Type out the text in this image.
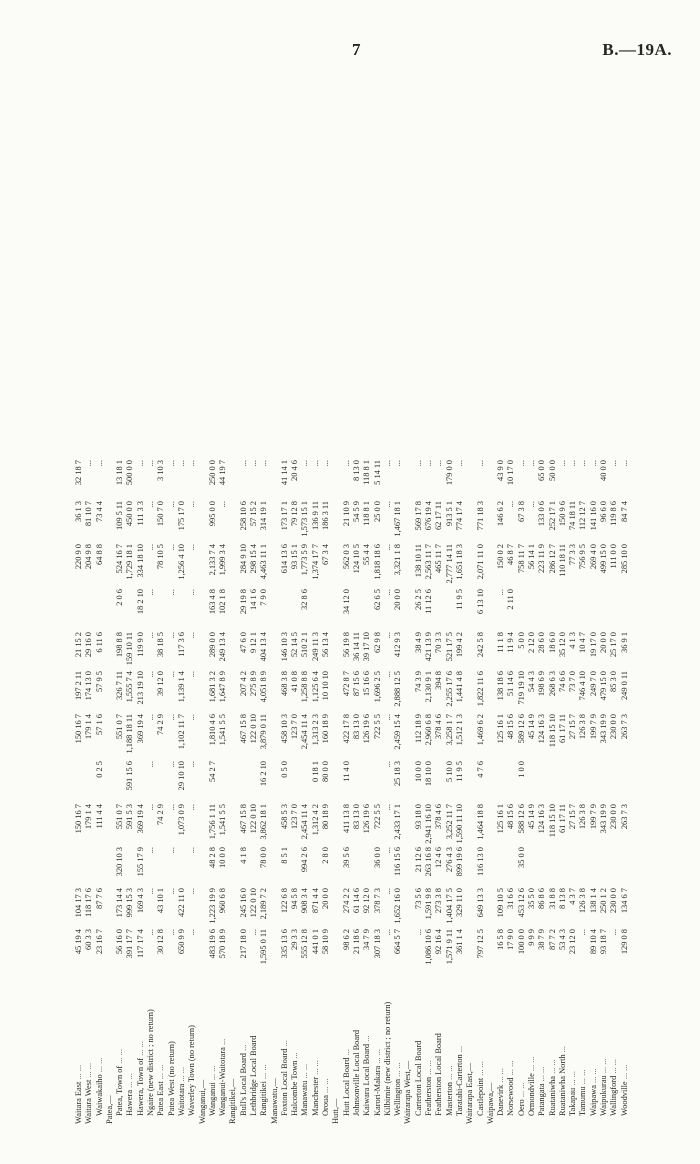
7	B.—19A.
Waitara East ... ...	45 19 4	104 17 3		150 16 7		150 16 7	197 2 11	21 15 2		220 9 0	36 1 3	32 18 7	
Waitara West ... ...	60 3 3	118 17 6		179 1 4		179 1 4	174 13 0	29 16 0		204 9 8	81 10 7	...	
Waiwakaiho ... ...	23 16 7	87 7 6		111 4 4	0 2 5	57 1 6	57 9 5	6 11 6		64 8 8	73 4 4	...	
Patea,—													
Patea, Town of ... ...	56 16 0	173 14 4	320 10 3	551 0 7		551 0 7	326 7 11	198 8 8	2 0 6	524 16 7	109 5 11	13 18 1	
Hawera ... ...	391 17 7	999 15 3		591 5 3	591 15 6	1,188 18 11	1,555 7 4	159 10 11		1,729 18 1	450 0 0	500 0 0	
Hawera, Town of ... ...	117 17 4	169 4 3	155 17 9	369 19 4		369 19 4	213 19 10	119 9 0	18 2 10	334 18 10	111 3 3	...	
Ngaire (new district ; no return)	...	...	...	...	...	...	...	...	...	...	...	...	
Patea East ... ...	30 12 8	43 10 1		74 2 9		74 2 9	39 12 0	38 18 5		78 10 5	150 7 0	3 10 3	
Patea West (no return)	...	...	...	...	...	...	...	...	...	...	...	...	
Waitotara ... ...	650 9 9	422 11 0		1,073 0 9	29 10 10	1,102 11 7	1,139 1 4	117 3 6		1,256 4 10	175 17 0	...	
Waverley Town (no return)	...	...	...	...	...	...	...	...	...	...	...	...	
Wanganui,—													
Wanganui ... ...	483 19 6	1,223 19 9	48 2 8	1,756 1 11	54 2 7	1,810 4 6	1,681 3 2	289 0 0	163 4 8	2,133 7 4	995 0 0	250 0 0	
Wanganui-Waitotara ...	570 18 9	960 6 8	10 0 0	1,541 5 5		1,541 5 5	1,647 8 9	249 13 4	102 1 8	1,999 3 4	...	44 19 7	
Rangitikei,—													
Bull's Local Board ...	217 18 0	245 16 0	4 1 8	467 15 8		467 15 8	207 4 2	47 6 0	29 19 8	284 9 10	258 10 6	...	
Lethbridge Local Board	...	122 0 10		122 0 10		122 0 10	275 8 9	9 12 1	14 1 6	298 15 4	57 15 2	...	
Rangitikei ... ...	1,595 0 11	2,189 7 2	78 0 0	3,862 18 1	16 2 10	3,879 0 11	4,051 8 9	404 13 4	7 9 0	4,463 11 1	314 19 1	...	
Manawatu,—													
Foxton Local Board ...	335 13 6	122 6 8	8 5 1	458 5 3	0 5 0	458 10 3	468 3 8	146 10 3		614 13 6	173 17 1	41 14 1	
Halcombe Town ...	29 3 3	94 5 8		123 7 0		123 7 0	41 0 8	52 14 5		93 15 1	79 12 8	20 4 6	
Manawatu ... ...	555 12 8	908 3 4	994 2 6	2,454 11 4		2,454 11 4	1,258 8 8	510 2 1	32 8 6	1,773 5 9	1,573 15 1	...	
Manchester ... ...	441 0 1	871 4 4		1,312 4 2	0 18 1	1,313 2 3	1,125 6 4	249 11 3		1,374 17 7	136 9 11	...	
Oroua ... ...	58 10 9	20 0 0	2 8 0	80 18 9	80 0 0	160 18 9	10 10 10	56 13 4		67 3 4	186 3 11	...	
Hutt,—													
Hutt Local Board ...	98 6 2	274 2 2	39 5 6	411 13 8	11 4 0	422 17 8	472 8 7	56 19 8	34 12 0	562 0 3	21 10 9	...	
Johnsonville Local Board	21 18 6	61 14 6		83 13 0		83 13 0	87 15 6	36 14 11		124 10 5	54 5 9	8 13 0	
Kaiwara Local Board ...	34 7 9	92 12 0		126 19 6		126 19 6	15 16 6	39 17 10		55 4 4	118 8 1	118 8 1	
Karori-Makara ... ...	307 18 3	378 7 3	36 0 0	722 5 5		722 5 5	1,696 2 5	62 9 8	62 6 5	1,818 18 6	25 0 0	5 14 11	
Kilbirnie (new district ; no return)	...	...	...	...	...	...	...	...	...	...	...	...	
Wellington ... ...	664 5 7	1,652 16 0	116 15 6	2,433 17 1	25 18 3	2,459 15 4	2,888 12 5	412 9 3	20 0 0	3,321 1 8	1,467 18 1	...	
Wairarapa West,—													
Carterton Local Board	...	73 5 6	21 12 6	93 18 0	10 0 0	112 18 9	74 3 9	38 4 9	26 2 5	138 10 11	569 17 8	...	
Featherston ... ...	1,086 10 6	1,591 9 8	263 16 8	2,941 16 10	18 10 0	2,960 6 8	2,130 9 1	421 13 9	11 12 6	2,563 11 7	676 19 4	...	
Featherston Local Board	92 16 4	273 3 8	12 4 6	378 4 6		378 4 6	394 8	70 3 3		465 11 7	62 17 11	...	
Masterton ... ...	1,571 9 11	1,404 17 5	276 4 3	3,252 11 7	5 10 0	3,258 1 7	2,255 17 6	521 17 5		2,777 14 11	913 5 1	179 0 0	
Taratahi-Carterton ...	361 1 4	329 11 0	899 19 6	1,590 11 10	11 9 5	1,512 1 3	1,441 4 8	199 4 2	11 9 5	1,651 18 3	774 17 4	...	
Wairarapa East,—													
Castlepoint ... ...	797 12 5	649 13 3	116 13 0	1,464 18 8	4 7 6	1,469 6 2	1,822 11 6	242 5 8	6 13 10	2,071 11 0	771 18 3	...	
Waipawa,—													
Danevirk ... ...	16 5 8	109 10 5		125 16 1		125 16 1	138 18 6	11 1 8	...	150 0 2	146 6 2	43 9 0	
Norsewood ... ...	17 9 0	31 6 6		48 15 6		48 15 6	51 14 6	11 9 4	2 11 0	46 8 7	...	10 17 0	
Oero ... ...	100 0 0	453 12 6	35 0 0	588 12 6	1 0 0	589 12 6	719 19 10	5 0 0		758 11 7	67 3 8	...	
Ormondville ... ...	9 9 9	35 5 0		45 14 9		45 14 9	54 4 3	2 12 0		56 14 1	...	...	
Patangata ... ...	38 7 9	86 8 6		124 16 3		124 16 3	198 6 9	28 6 0		223 11 9	133 0 6	65 0 0	
Ruataniwha ... ...	87 7 2	31 8 8		118 15 10		118 15 10	268 6 3	18 6 0		286 12 7	252 17 1	50 0 0	
Ruataniwha North ...	53 4 3	8 13 8		61 17 11		61 17 11	74 6 6	35 12 0		110 18 11	150 9 6	...	
Takapau ... ...	23 12 0	4 3 7		27 15 7		27 15 7	73 7 0	4 1 3		77 3 3	74 18 11	...	
Tamumu ... ...	...	126 3 8		126 3 8		126 3 8	746 4 10	10 4 7		756 9 5	112 12 7	...	
Waipawa ... ...	89 10 4	138 1 4		199 7 9		199 7 9	249 7 0	19 17 0		269 4 0	141 16 0	...	
Waipukurau ... ...	93 18 7	250 1 2		343 19 9		343 19 9	479 15 0	20 0 0		499 15 0	96 6 0	40 0 0	
Wallingford ... ...	...	230 0 0		230 0 0		230 0 0	85 3 0	25 17 0		111 0 0	119 8 6	...	
Woodville ... ...	129 0 8	134 6 7		263 7 3		263 7 3	249 0 11	36 9 1		285 10 0	84 7 4	...	
